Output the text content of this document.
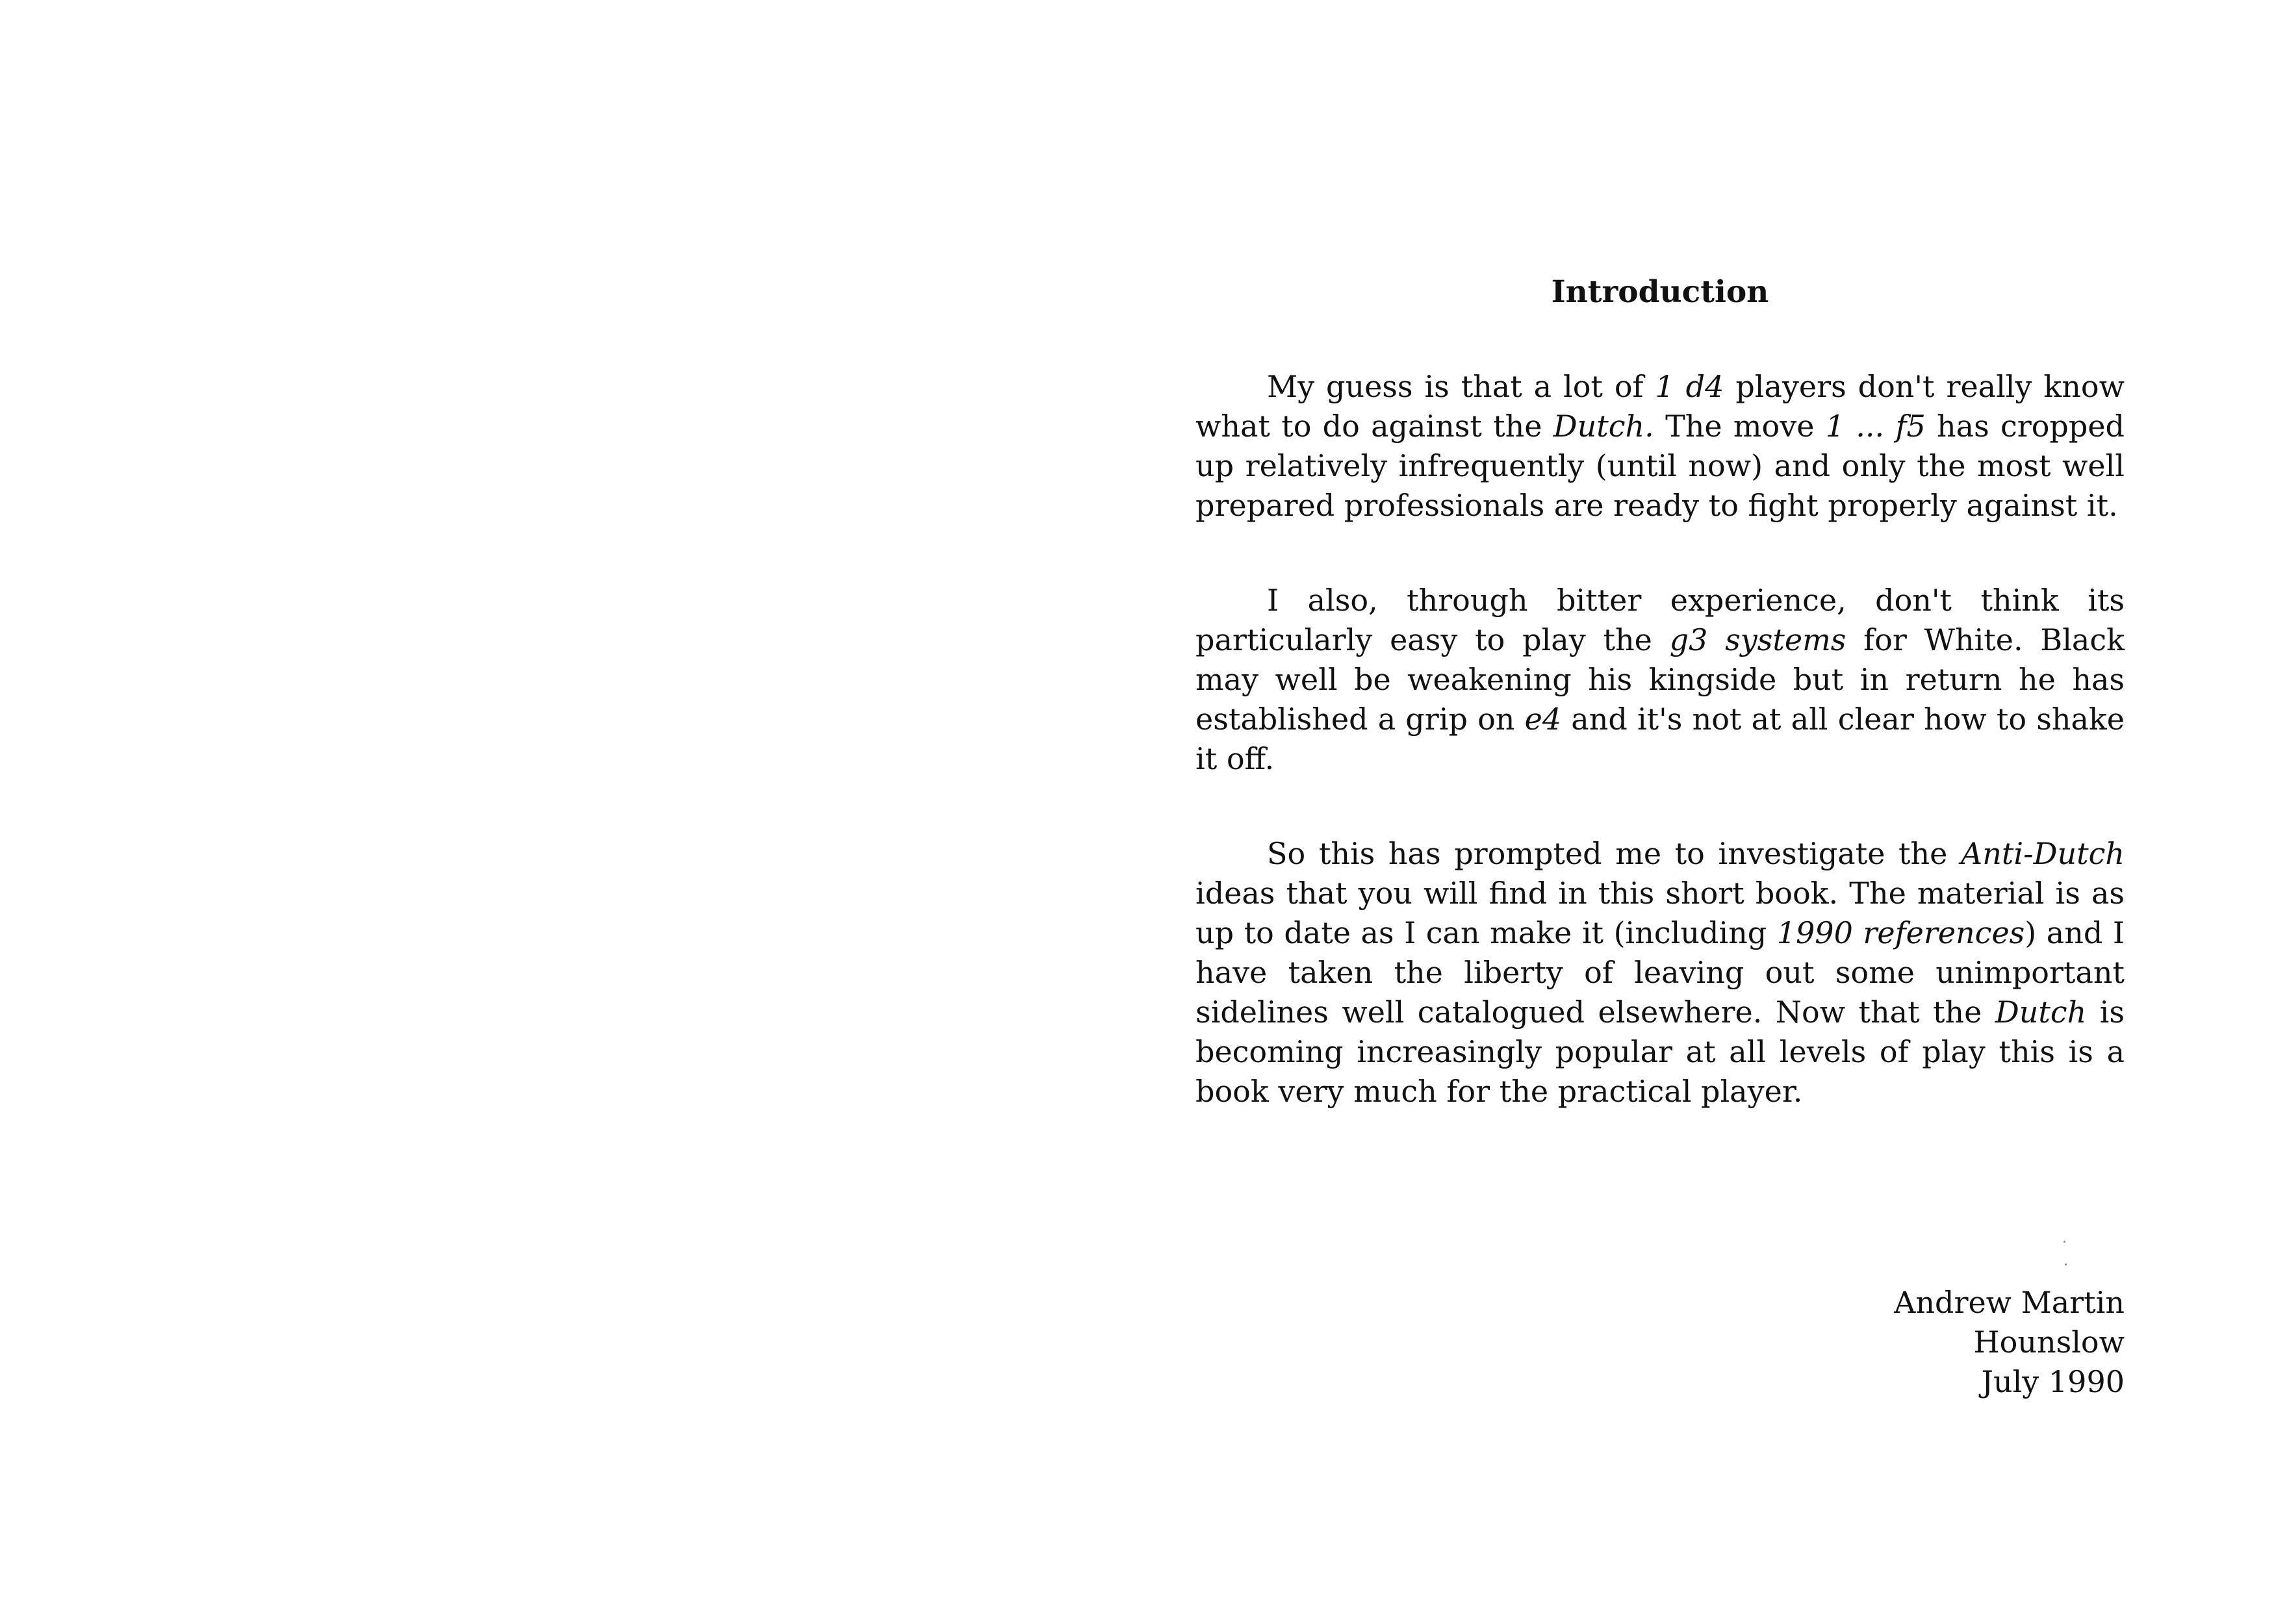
Introduction
My guess is that a lot of 1 d4 players don't really know what to do against the Dutch. The move 1 ... f5 has cropped up relatively infrequently (until now) and only the most well prepared professionals are ready to fight properly against it.
I also, through bitter experience, don't think its particularly easy to play the g3 systems for White. Black may well be weakening his kingside but in return he has established a grip on e4 and it's not at all clear how to shake it off.
So this has prompted me to investigate the Anti-Dutch ideas that you will find in this short book. The material is as up to date as I can make it (including 1990 references) and I have taken the liberty of leaving out some unimportant sidelines well catalogued elsewhere. Now that the Dutch is becoming increasingly popular at all levels of play this is a book very much for the practical player.
Andrew Martin
Hounslow
July 1990
